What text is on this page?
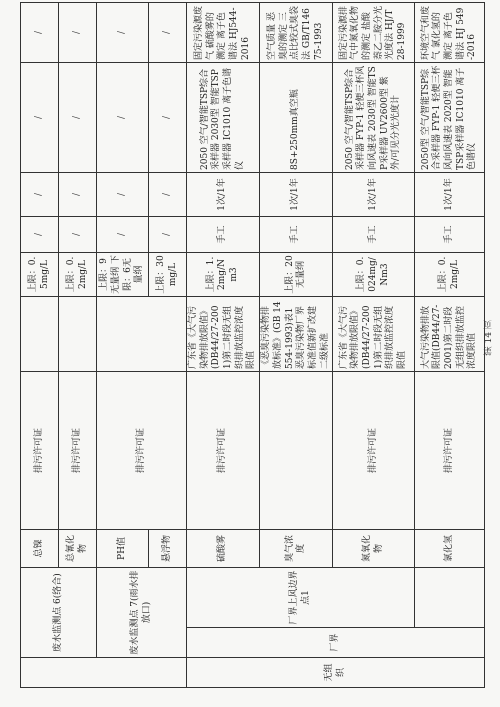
	废水监测点 6(络合)		总镍	排污许可证		上限：0.5mg/L	/	/	/	/
			总氰化物	排污许可证		上限：0.2mg/L	/	/	/	/
	废水监测点 7(雨水排放口)		PH值	排污许可证		上限：9无量纲 下限：6无量纲	/	/	/	/
			悬浮物			上限：30mg/L	/	/	/	/
无组织	厂界	厂界上风边界点1	硫酸雾	排污许可证	广东省《大气污染物排放限值》(DB44/27-2001)第二时段无组织排放监控浓度限值	上限：1.2mg/Nm3	手工	1次/1年	2050 空气/智能TSP综合采样器 2030型 智能TSP采样器 IC1010 离子色谱仪	固定污染源废气 硫酸雾的测定 离子色谱法 HJ544-2016
			臭气浓度		《恶臭污染物排放标准》(GB 14554-1993)表1恶臭污染物厂界标准值新扩改建二级标准	上限：20无量纲	手工	1次/1年	8S+250mm真空瓶	空气质量 恶臭的测定 三点比较式臭袋法 GB/T14675-1993
			氮氧化物	排污许可证	广东省《大气污染物排放限值》(DB44/27-2001)第二时段无组织排放监控浓度限值	上限：0.024mg/Nm3	手工	1次/1年	2050 空气/智能TSP综合采样器 FYP-1 轻便三杯风向风速表 2030型 智能TSP采样器 UV2600型 紫外/可见分光光度计	固定污染源排气中氮氧化物的测定 盐酸萘乙二胺分光光度法 HJ/T 28-1999
			氯化氢	排污许可证	大气污染物排放限值(DB44/27-2001)第二时段无组织排放监控浓度限值	上限：0.2mg/L	手工	1次/1年	2050型 空气/智能TSP综合采样器 FYP-1 轻便三杯风向风速表 2020型 智能TSP采样器 IC1010 离子色谱仪	环境空气和废气 氯化氢的测定 离子色谱法 HJ 549-2016
第 14 页
